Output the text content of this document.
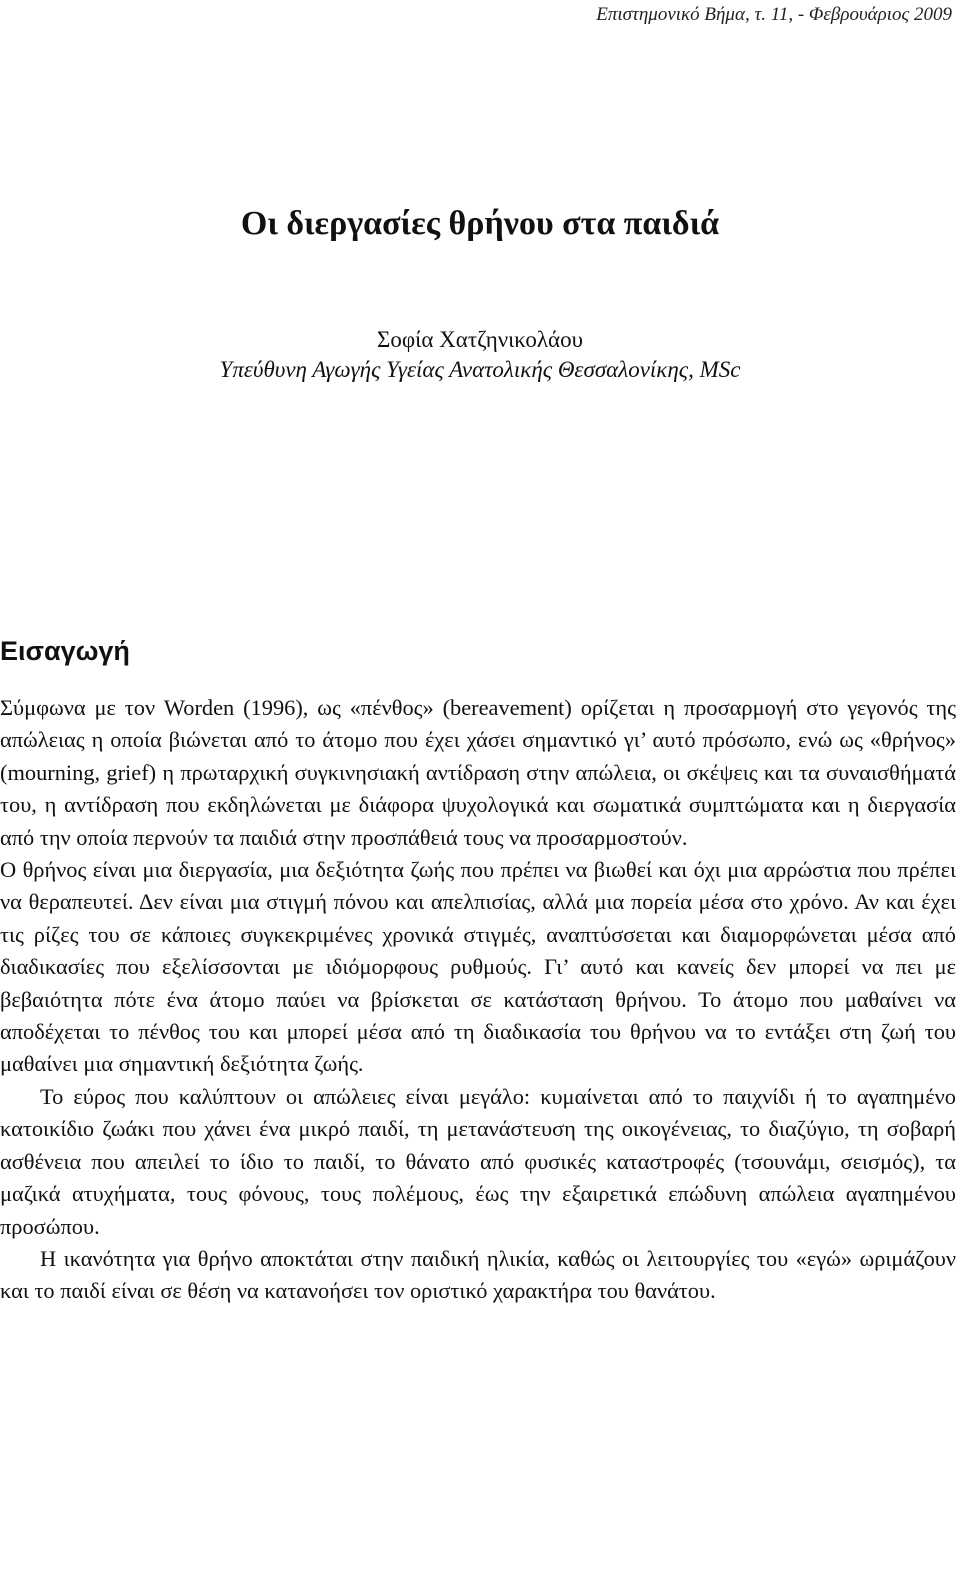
Επιστημονικό Βήμα, τ. 11, - Φεβρουάριος 2009
Οι διεργασίες θρήνου στα παιδιά
Σοφία Χατζηνικολάου
Υπεύθυνη Αγωγής Υγείας Ανατολικής Θεσσαλονίκης, MSc
Εισαγωγή

Σύμφωνα με τον Worden (1996), ως «πένθος» (bereavement) ορίζεται η προσαρμογή στο γεγονός της απώλειας η οποία βιώνεται από το άτομο που έχει χάσει σημαντικό γι’ αυτό πρόσωπο, ενώ ως «θρήνος» (mourning, grief) η πρωταρχική συγκινησιακή αντίδραση στην απώλεια, οι σκέψεις και τα συναισθήματά του, η αντίδραση που εκδηλώνεται με διάφορα ψυχολογικά και σωματικά συμπτώματα και η διεργασία από την οποία περνούν τα παιδιά στην προσπάθειά τους να προσαρμοστούν.

Ο θρήνος είναι μια διεργασία, μια δεξιότητα ζωής που πρέπει να βιωθεί και όχι μια αρρώστια που πρέπει να θεραπευτεί. Δεν είναι μια στιγμή πόνου και απελπισίας, αλλά μια πορεία μέσα στο χρόνο. Αν και έχει τις ρίζες του σε κάποιες συγκεκριμένες χρονικά στιγμές, αναπτύσσεται και διαμορφώνεται μέσα από διαδικασίες που εξελίσσονται με ιδιόμορφους ρυθμούς. Γι’ αυτό και κανείς δεν μπορεί να πει με βεβαιότητα πότε ένα άτομο παύει να βρίσκεται σε κατάσταση θρήνου. Το άτομο που μαθαίνει να αποδέχεται το πένθος του και μπορεί μέσα από τη διαδικασία του θρήνου να το εντάξει στη ζωή του μαθαίνει μια σημαντική δεξιότητα ζωής.

Το εύρος που καλύπτουν οι απώλειες είναι μεγάλο: κυμαίνεται από το παιχνίδι ή το αγαπημένο κατοικίδιο ζωάκι που χάνει ένα μικρό παιδί, τη μετανάστευση της οικογένειας, το διαζύγιο, τη σοβαρή ασθένεια που απειλεί το ίδιο το παιδί, το θάνατο από φυσικές καταστροφές (τσουνάμι, σεισμός), τα μαζικά ατυχήματα, τους φόνους, τους πολέμους, έως την εξαιρετικά επώδυνη απώλεια αγαπημένου προσώπου.

Η ικανότητα για θρήνο αποκτάται στην παιδική ηλικία, καθώς οι λειτουργίες του «εγώ» ωριμάζουν και το παιδί είναι σε θέση να κατανοήσει τον οριστικό χαρακτήρα του θανάτου.
